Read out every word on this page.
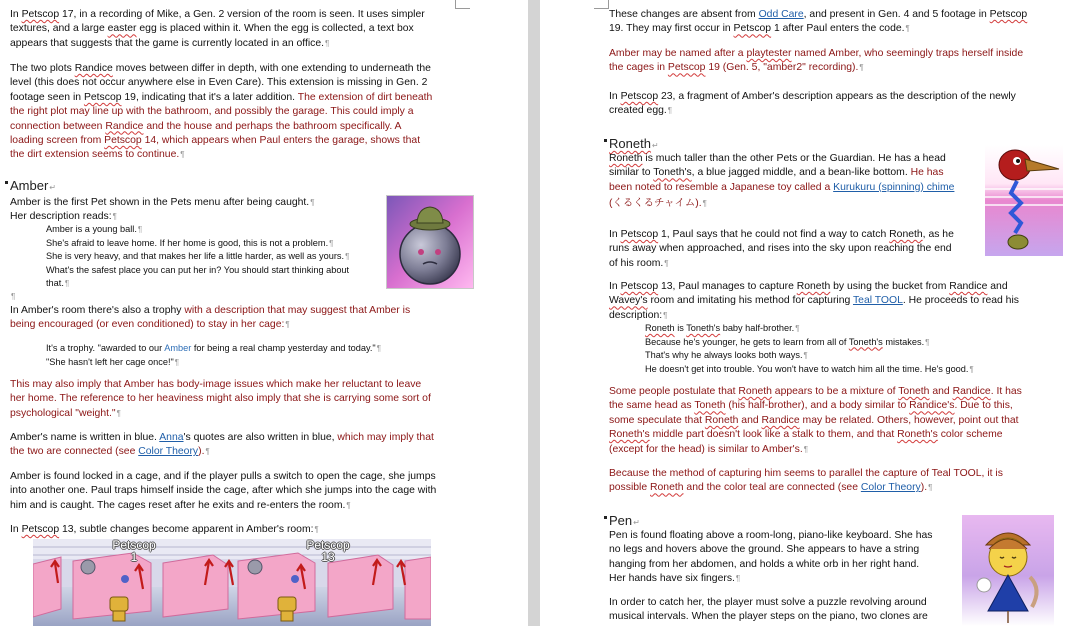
In Petscop 17, in a recording of Mike, a Gen. 2 version of the room is seen. It uses simpler
textures, and a large easter egg is placed within it. When the egg is collected, a text box
appears that suggests that the game is currently located in an office.¶
The two plots Randice moves between differ in depth, with one extending to underneath the
level (this does not occur anywhere else in Even Care). This extension is missing in Gen. 2
footage seen in Petscop 19, indicating that it's a later addition. The extension of dirt beneath
the right plot may line up with the bathroom, and possibly the garage. This could imply a
connection between Randice and the house and perhaps the bathroom specifically. A
loading screen from Petscop 14, which appears when Paul enters the garage, shows that
the dirt extension seems to continue.¶
Amber↵
Amber is the first Pet shown in the Pets menu after being caught.¶
Her description reads:¶
Amber is a young ball.¶
She's afraid to leave home. If her home is good, this is not a problem.¶
She is very heavy, and that makes her life a little harder, as well as yours.¶
What's the safest place you can put her in? You should start thinking about
that.¶
¶
In Amber's room there's also a trophy with a description that may suggest that Amber is
being encouraged (or even conditioned) to stay in her cage:¶
It's a trophy. "awarded to our Amber for being a real champ yesterday and today."¶
"She hasn't left her cage once!"¶
This may also imply that Amber has body-image issues which make her reluctant to leave
her home. The reference to her heaviness might also imply that she is carrying some sort of
psychological "weight."¶
Amber's name is written in blue. Anna's quotes are also written in blue, which may imply that
the two are connected (see Color Theory).¶
Amber is found locked in a cage, and if the player pulls a switch to open the cage, she jumps
into another one. Paul traps himself inside the cage, after which she jumps into the cage with
him and is caught. The cages reset after he exits and re-enters the room.¶
In Petscop 13, subtle changes become apparent in Amber's room:¶
Petscop
1
Petscop
13
These changes are absent from Odd Care, and present in Gen. 4 and 5 footage in Petscop
19. They may first occur in Petscop 1 after Paul enters the code.¶
Amber may be named after a playtester named Amber, who seemingly traps herself inside
the cages in Petscop 19 (Gen. 5, "amber2" recording).¶
In Petscop 23, a fragment of Amber's description appears as the description of the newly
created egg.¶
Roneth↵
Roneth is much taller than the other Pets or the Guardian. He has a head
similar to Toneth's, a blue jagged middle, and a bean-like bottom. He has
been noted to resemble a Japanese toy called a Kurukuru (spinning) chime
(くるくるチャイム).¶
In Petscop 1, Paul says that he could not find a way to catch Roneth, as he
runs away when approached, and rises into the sky upon reaching the end
of his room.¶
In Petscop 13, Paul manages to capture Roneth by using the bucket from Randice and
Wavey's room and imitating his method for capturing Teal TOOL. He proceeds to read his
description:¶
Roneth is Toneth's baby half-brother.¶
Because he's younger, he gets to learn from all of Toneth's mistakes.¶
That's why he always looks both ways.¶
He doesn't get into trouble. You won't have to watch him all the time. He's good.¶
Some people postulate that Roneth appears to be a mixture of Toneth and Randice. It has
the same head as Toneth (his half-brother), and a body similar to Randice's. Due to this,
some speculate that Roneth and Randice may be related. Others, however, point out that
Roneth's middle part doesn't look like a stalk to them, and that Roneth's color scheme
(except for the head) is similar to Amber's.¶
Because the method of capturing him seems to parallel the capture of Teal TOOL, it is
possible Roneth and the color teal are connected (see Color Theory).¶
Pen↵
Pen is found floating above a room-long, piano-like keyboard. She has
no legs and hovers above the ground. She appears to have a string
hanging from her abdomen, and holds a white orb in her right hand.
Her hands have six fingers.¶
In order to catch her, the player must solve a puzzle revolving around
musical intervals. When the player steps on the piano, two clones are
